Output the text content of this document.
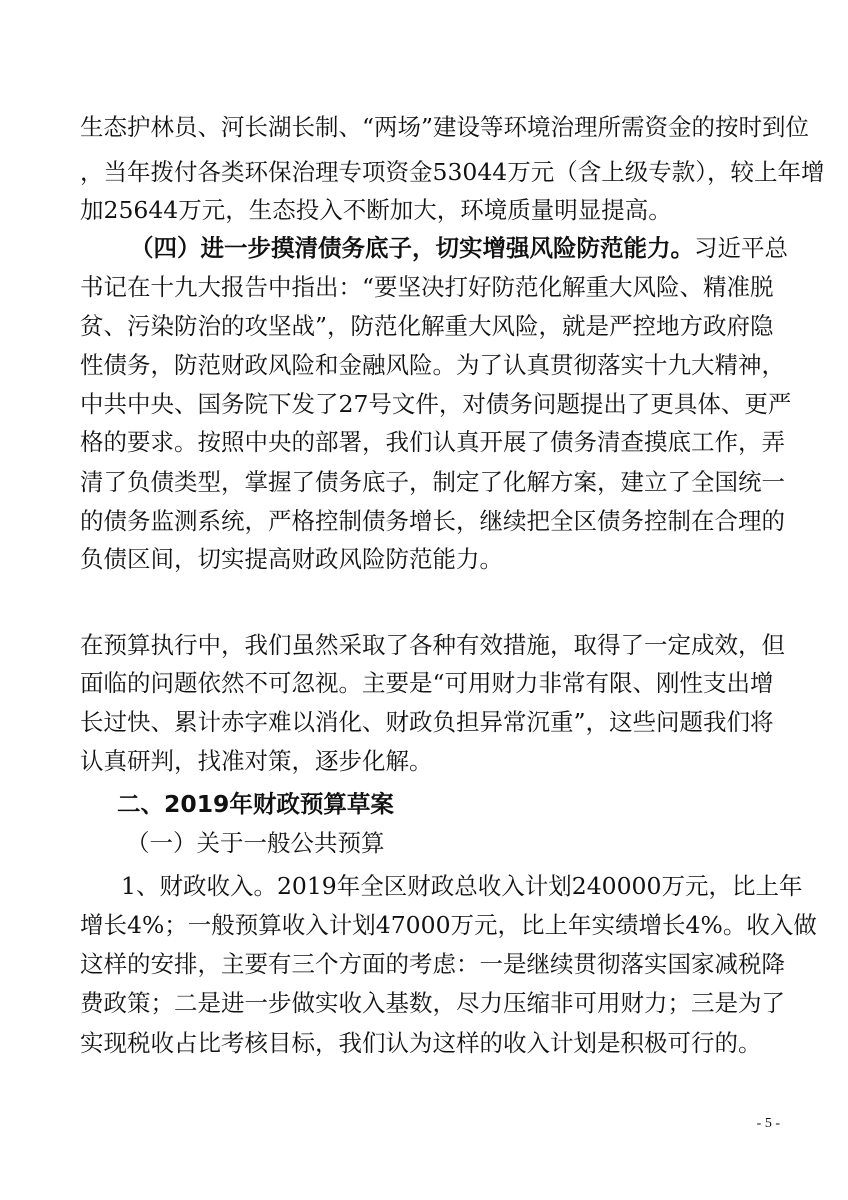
生态护林员、河长湖长制、“两场”建设等环境治理所需资金的按时到位
，当年拨付各类环保治理专项资金53044万元（含上级专款），较上年增
加25644万元，生态投入不断加大，环境质量明显提高。
（四）进一步摸清债务底子，切实增强风险防范能力。习近平总
书记在十九大报告中指出：“要坚决打好防范化解重大风险、精准脱
贫、污染防治的攻坚战”，防范化解重大风险，就是严控地方政府隐
性债务，防范财政风险和金融风险。为了认真贯彻落实十九大精神，
中共中央、国务院下发了27号文件，对债务问题提出了更具体、更严
格的要求。按照中央的部署，我们认真开展了债务清查摸底工作，弄
清了负债类型，掌握了债务底子，制定了化解方案，建立了全国统一
的债务监测系统，严格控制债务增长，继续把全区债务控制在合理的
负债区间，切实提高财政风险防范能力。
在预算执行中，我们虽然采取了各种有效措施，取得了一定成效，但
面临的问题依然不可忽视。主要是“可用财力非常有限、刚性支出增
长过快、累计赤字难以消化、财政负担异常沉重”，这些问题我们将
认真研判，找准对策，逐步化解。
二、2019年财政预算草案
（一）关于一般公共预算
1、财政收入。2019年全区财政总收入计划240000万元，比上年
增长4%；一般预算收入计划47000万元，比上年实绩增长4%。收入做
这样的安排，主要有三个方面的考虑：一是继续贯彻落实国家减税降
费政策；二是进一步做实收入基数，尽力压缩非可用财力；三是为了
实现税收占比考核目标，我们认为这样的收入计划是积极可行的。
- 5 -
